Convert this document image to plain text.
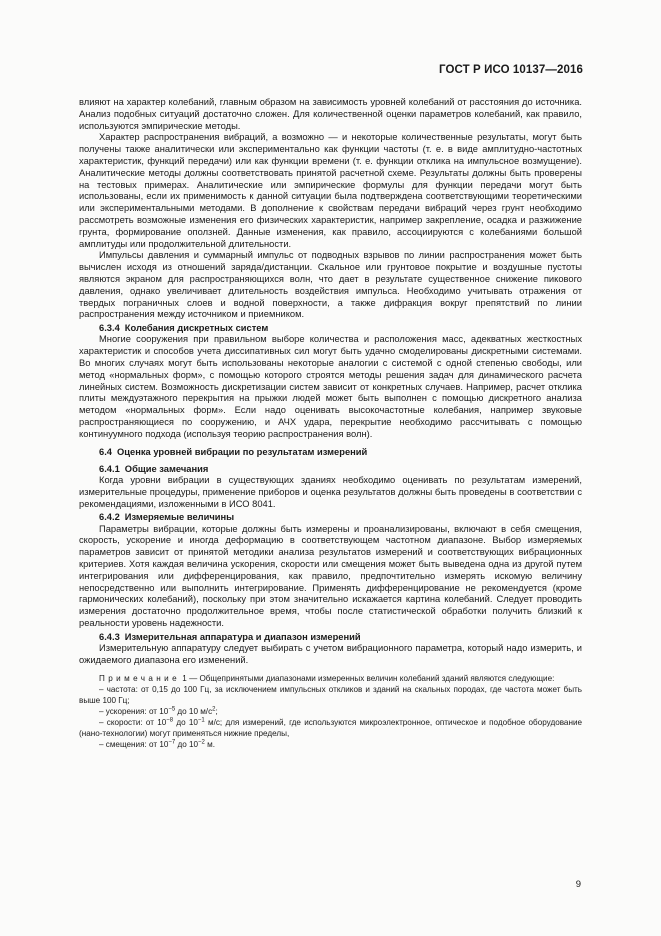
ГОСТ Р ИСО 10137—2016

влияют на характер колебаний, главным образом на зависимость уровней колебаний от расстояния до источника. Анализ подобных ситуаций достаточно сложен. Для количественной оценки параметров колебаний, как правило, используются эмпирические методы.

Характер распространения вибраций, а возможно — и некоторые количественные результаты, могут быть получены также аналитически или экспериментально как функции частоты (т. е. в виде амплитудно-частотных характеристик, функций передачи) или как функции времени (т. е. функции отклика на импульсное возмущение). Аналитические методы должны соответствовать принятой расчетной схеме. Результаты должны быть проверены на тестовых примерах. Аналитические или эмпирические формулы для функции передачи могут быть использованы, если их применимость к данной ситуации была подтверждена соответствующими теоретическими или экспериментальными методами. В дополнение к свойствам передачи вибраций через грунт необходимо рассмотреть возможные изменения его физических характеристик, например закрепление, осадка и разжижение грунта, формирование оползней. Данные изменения, как правило, ассоциируются с колебаниями большой амплитуды или продолжительной длительности.

Импульсы давления и суммарный импульс от подводных взрывов по линии распространения может быть вычислен исходя из отношений заряда/дистанции. Скальное или грунтовое покрытие и воздушные пустоты являются экраном для распространяющихся волн, что дает в результате существенное снижение пикового давления, однако увеличивает длительность воздействия импульса. Необходимо учитывать отражения от твердых пограничных слоев и водной поверхности, а также дифракция вокруг препятствий по линии распространения между источником и приемником.

6.3.4 Колебания дискретных систем

Многие сооружения при правильном выборе количества и расположения масс, адекватных жесткостных характеристик и способов учета диссипативных сил могут быть удачно смоделированы дискретными системами. Во многих случаях могут быть использованы некоторые аналогии с системой с одной степенью свободы, или метод «нормальных форм», с помощью которого строятся методы решения задач для динамического расчета линейных систем. Возможность дискретизации систем зависит от конкретных случаев. Например, расчет отклика плиты междуэтажного перекрытия на прыжки людей может быть выполнен с помощью дискретного анализа методом «нормальных форм». Если надо оценивать высокочастотные колебания, например звуковые распространяющиеся по сооружению, и АЧХ удара, перекрытие необходимо рассчитывать с помощью континуумного подхода (используя теорию распространения волн).

6.4 Оценка уровней вибрации по результатам измерений

6.4.1 Общие замечания

Когда уровни вибрации в существующих зданиях необходимо оценивать по результатам измерений, измерительные процедуры, применение приборов и оценка результатов должны быть проведены в соответствии с рекомендациями, изложенными в ИСО 8041.

6.4.2 Измеряемые величины

Параметры вибрации, которые должны быть измерены и проанализированы, включают в себя смещения, скорость, ускорение и иногда деформацию в соответствующем частотном диапазоне. Выбор измеряемых параметров зависит от принятой методики анализа результатов измерений и соответствующих вибрационных критериев. Хотя каждая величина ускорения, скорости или смещения может быть выведена одна из другой путем интегрирования или дифференцирования, как правило, предпочтительно измерять искомую величину непосредственно или выполнить интегрирование. Применять дифференцирование не рекомендуется (кроме гармонических колебаний), поскольку при этом значительно искажается картина колебаний. Следует проводить измерения достаточно продолжительное время, чтобы после статистической обработки получить близкий к реальности уровень надежности.

6.4.3 Измерительная аппаратура и диапазон измерений

Измерительную аппаратуру следует выбирать с учетом вибрационного параметра, который надо измерить, и ожидаемого диапазона его изменений.

Примечание 1 — Общепринятыми диапазонами измеренных величин колебаний зданий являются следующие:

– частота: от 0,15 до 100 Гц, за исключением импульсных откликов и зданий на скальных породах, где частота может быть выше 100 Гц;

– ускорения: от $10^{-5}$ до 10 $м/с^2$;

– скорости: от $10^{-8}$ до $10^{-1}$ м/с; для измерений, где используются микроэлектронное, оптическое и подобное оборудование (нано-технологии) могут применяться нижние пределы,

– смещения: от $10^{-7}$ до $10^{-2}$ м.

9
